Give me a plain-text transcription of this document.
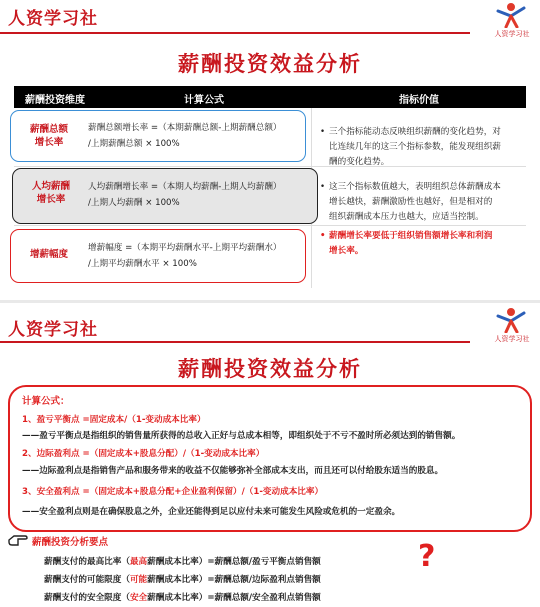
人资学习社
人资学习社
薪酬投资效益分析
薪酬投资维度	计算公式	指标价值
薪酬总额
增长率
薪酬总额增长率 =（本期薪酬总额-上期薪酬总额）
/上期薪酬总额 × 100%
• 三个指标能动态反映组织薪酬的变化趋势，对
比连续几年的这三个指标参数，能发现组织薪
酬的变化趋势。
人均薪酬
增长率
人均薪酬增长率 =（本期人均薪酬-上期人均薪酬）
/上期人均薪酬 × 100%
• 这三个指标数值越大，表明组织总体薪酬成本
增长越快，薪酬激励性也越好，但是相对的
组织薪酬成本压力也越大，应适当控制。
增薪幅度
增薪幅度 =（本期平均薪酬水平-上期平均薪酬水）
/上期平均薪酬水平 × 100%
• 薪酬增长率要低于组织销售额增长率和利润
增长率。
人资学习社	人资学习社
薪酬投资效益分析
计算公式：
1、盈亏平衡点 =固定成本/（1-变动成本比率）
——盈亏平衡点是指组织的销售量所获得的总收入正好与总成本相等，即组织处于不亏不盈时所必须达到的销售额。
2、边际盈利点 =（固定成本+股息分配）/（1-变动成本比率）
——边际盈利点是指销售产品和服务带来的收益不仅能够弥补全部成本支出，而且还可以付给股东适当的股息。
3、安全盈利点 =（固定成本+股息分配+企业盈利保留）/（1-变动成本比率）
——安全盈利点则是在确保股息之外，企业还能得到足以应付未来可能发生风险或危机的一定盈余。
薪酬投资分析要点
薪酬支付的最高比率（最高薪酬成本比率）=薪酬总额/盈亏平衡点销售额
薪酬支付的可能限度（可能薪酬成本比率）=薪酬总额/边际盈利点销售额
薪酬支付的安全限度（安全薪酬成本比率）=薪酬总额/安全盈利点销售额
?
